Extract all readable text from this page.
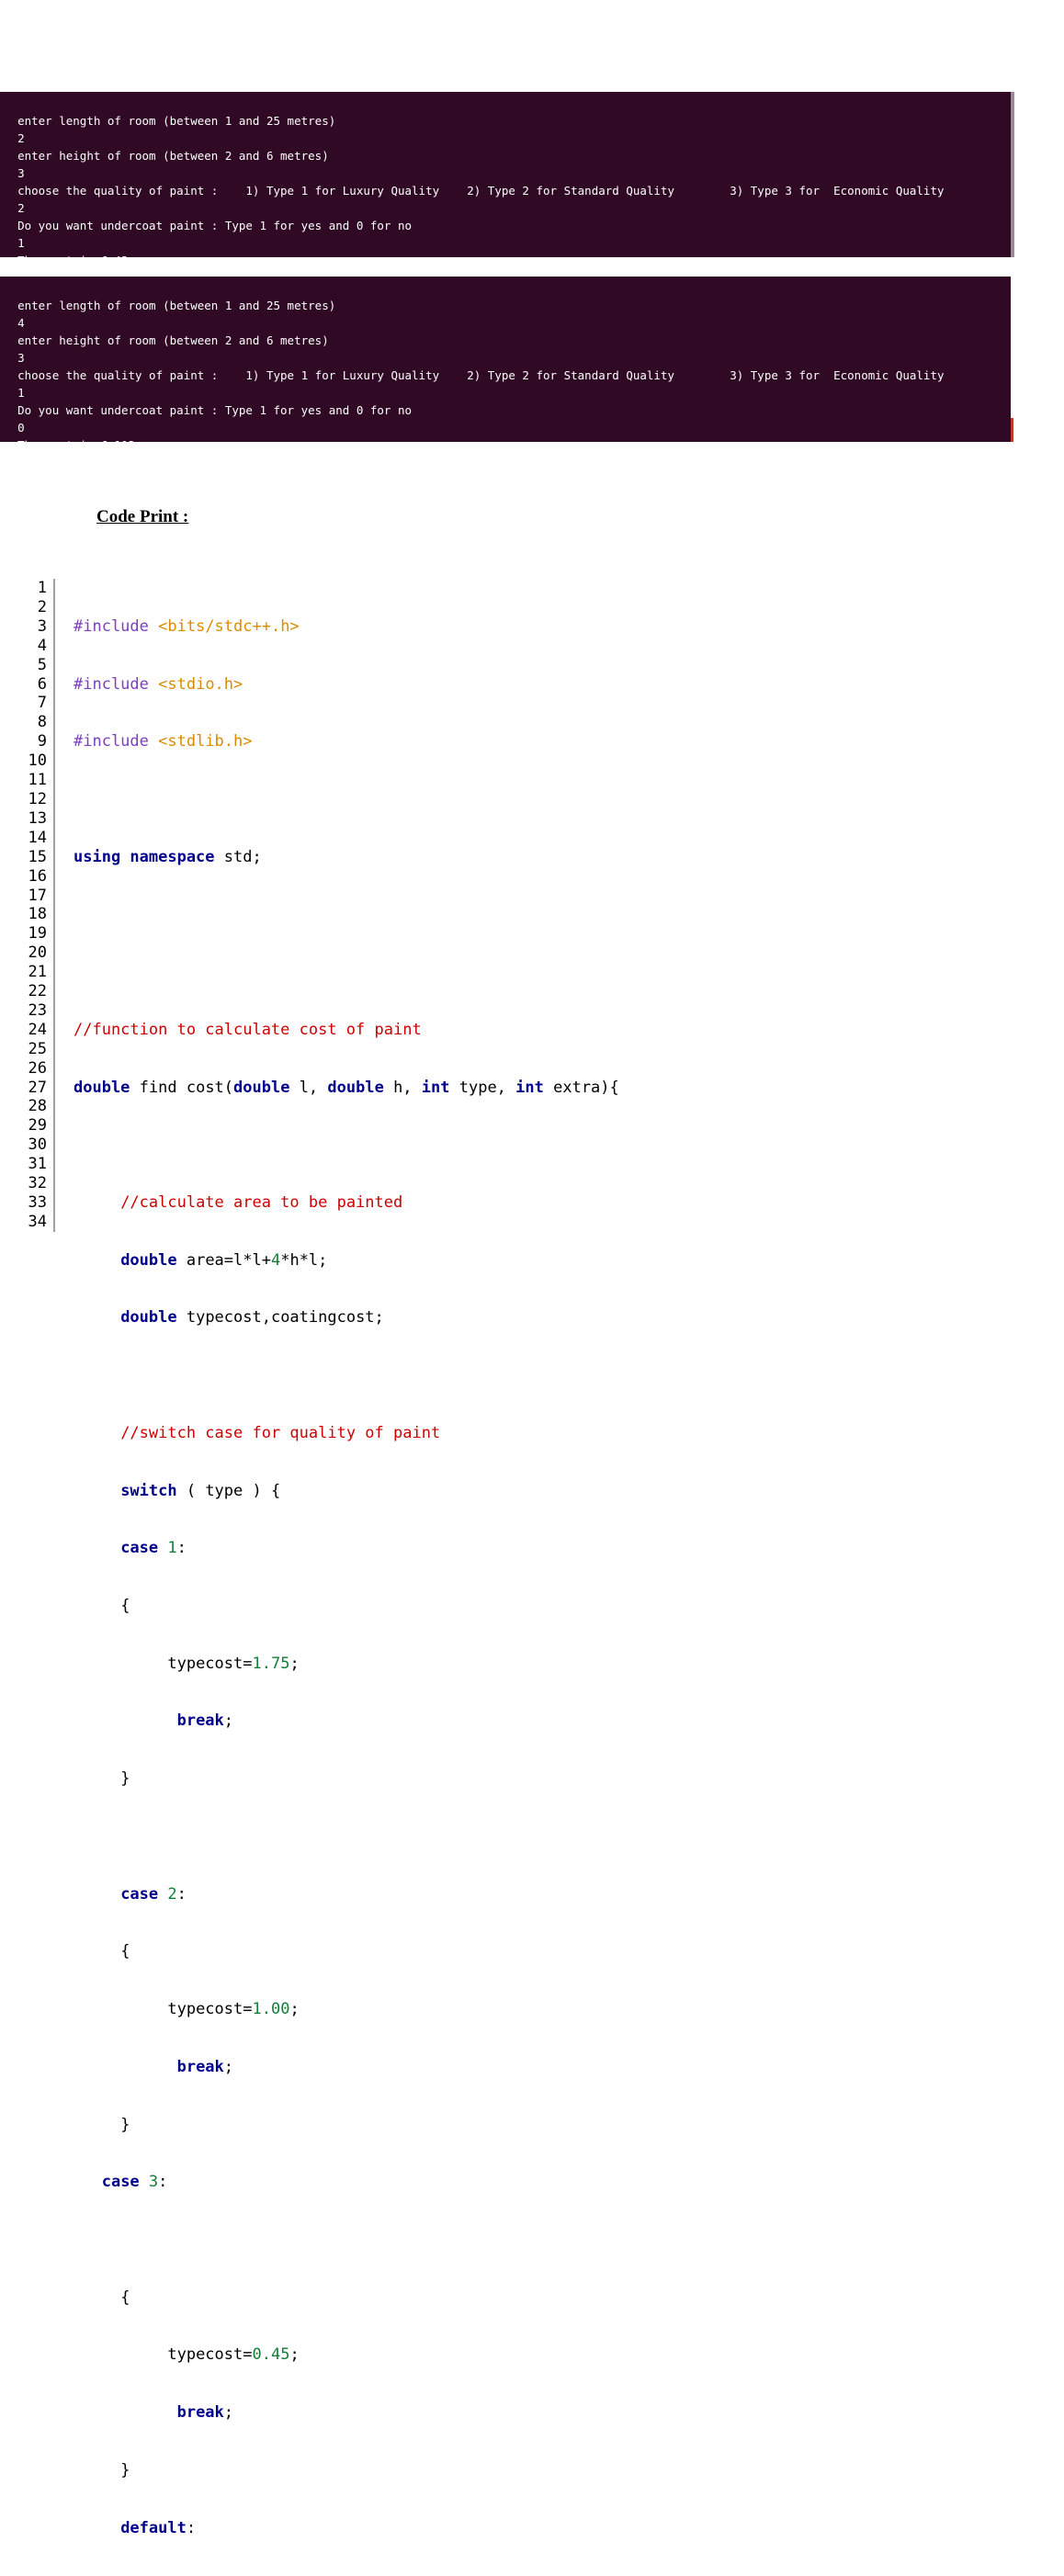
enter length of room (between 1 and 25 metres)
2
enter height of room (between 2 and 6 metres)
3
choose the quality of paint :    1) Type 1 for Luxury Quality    2) Type 2 for Standard Quality        3) Type 3 for  Economic Quality
2
Do you want undercoat paint : Type 1 for yes and 0 for no
1
The cost is £ 42

enter length of room (between 1 and 25 metres)
4
enter height of room (between 2 and 6 metres)
3
choose the quality of paint :    1) Type 1 for Luxury Quality    2) Type 2 for Standard Quality        3) Type 3 for  Economic Quality
1
Do you want undercoat paint : Type 1 for yes and 0 for no
0
The cost is £ 112

Code Print :
1
2
3
4
5
6
7
8
9
10
11
12
13
14
15
16
17
18
19
20
21
22
23
24
25
26
27
28
29
30
31
32
33
34

#include <bits/stdc++.h>

#include <stdio.h>

#include <stdlib.h>

using namespace std;

//function to calculate cost of paint

double find cost(double l, double h, int type, int extra){

//calculate area to be painted

double area=l*l+4*h*l;

double typecost,coatingcost;

//switch case for quality of paint

switch ( type ) {

case 1:

{

typecost=1.75;

break;

}

case 2:

{

typecost=1.00;

break;

}

case 3:

{

typecost=0.45;

break;

}

default:
